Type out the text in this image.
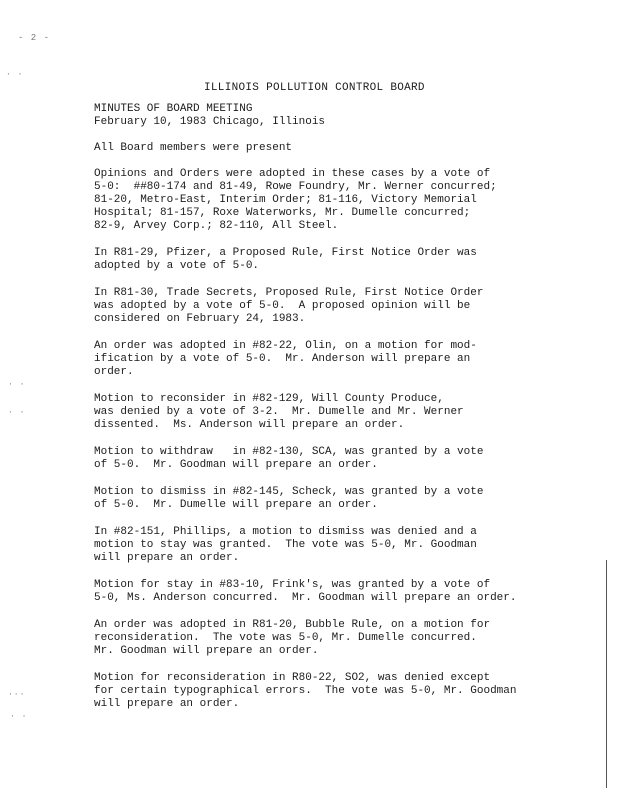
- 2 -
· ·
· ·
· ·
···
· ·
ILLINOIS POLLUTION CONTROL BOARD
MINUTES OF BOARD MEETING
February 10, 1983 Chicago, Illinois

All Board members were present

Opinions and Orders were adopted in these cases by a vote of
5-0:  ##80-174 and 81-49, Rowe Foundry, Mr. Werner concurred;
81-20, Metro-East, Interim Order; 81-116, Victory Memorial
Hospital; 81-157, Roxe Waterworks, Mr. Dumelle concurred;
82-9, Arvey Corp.; 82-110, All Steel.

In R81-29, Pfizer, a Proposed Rule, First Notice Order was
adopted by a vote of 5-0.

In R81-30, Trade Secrets, Proposed Rule, First Notice Order
was adopted by a vote of 5-0.  A proposed opinion will be
considered on February 24, 1983.

An order was adopted in #82-22, Olin, on a motion for mod-
ification by a vote of 5-0.  Mr. Anderson will prepare an
order.

Motion to reconsider in #82-129, Will County Produce,
was denied by a vote of 3-2.  Mr. Dumelle and Mr. Werner
dissented.  Ms. Anderson will prepare an order.

Motion to withdraw   in #82-130, SCA, was granted by a vote
of 5-0.  Mr. Goodman will prepare an order.

Motion to dismiss in #82-145, Scheck, was granted by a vote
of 5-0.  Mr. Dumelle will prepare an order.

In #82-151, Phillips, a motion to dismiss was denied and a
motion to stay was granted.  The vote was 5-0, Mr. Goodman
will prepare an order.

Motion for stay in #83-10, Frink's, was granted by a vote of
5-0, Ms. Anderson concurred.  Mr. Goodman will prepare an order.

An order was adopted in R81-20, Bubble Rule, on a motion for
reconsideration.  The vote was 5-0, Mr. Dumelle concurred.
Mr. Goodman will prepare an order.

Motion for reconsideration in R80-22, SO2, was denied except
for certain typographical errors.  The vote was 5-0, Mr. Goodman
will prepare an order.
